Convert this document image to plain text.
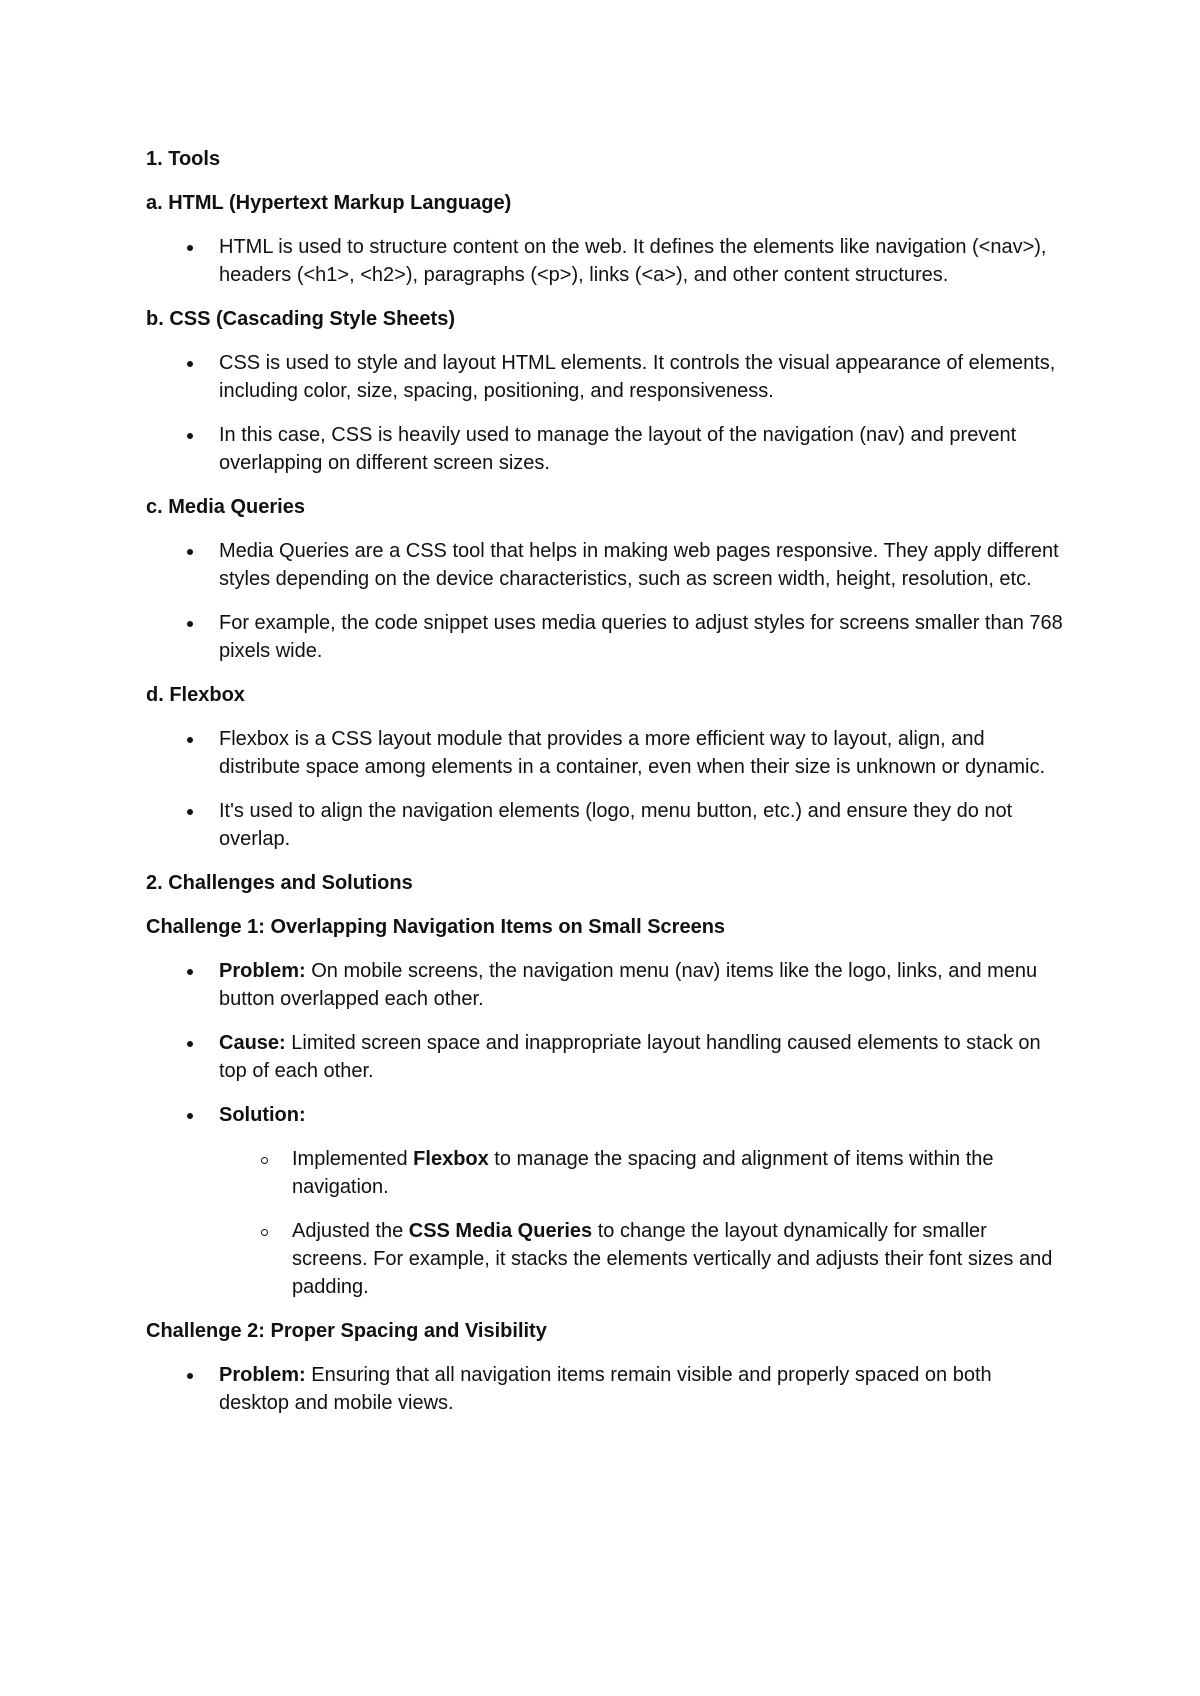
1. Tools
a. HTML (Hypertext Markup Language)
HTML is used to structure content on the web. It defines the elements like navigation (<nav>), headers (<h1>, <h2>), paragraphs (<p>), links (<a>), and other content structures.
b. CSS (Cascading Style Sheets)
CSS is used to style and layout HTML elements. It controls the visual appearance of elements, including color, size, spacing, positioning, and responsiveness.
In this case, CSS is heavily used to manage the layout of the navigation (nav) and prevent overlapping on different screen sizes.
c. Media Queries
Media Queries are a CSS tool that helps in making web pages responsive. They apply different styles depending on the device characteristics, such as screen width, height, resolution, etc.
For example, the code snippet uses media queries to adjust styles for screens smaller than 768 pixels wide.
d. Flexbox
Flexbox is a CSS layout module that provides a more efficient way to layout, align, and distribute space among elements in a container, even when their size is unknown or dynamic.
It's used to align the navigation elements (logo, menu button, etc.) and ensure they do not overlap.
2. Challenges and Solutions
Challenge 1: Overlapping Navigation Items on Small Screens
Problem: On mobile screens, the navigation menu (nav) items like the logo, links, and menu button overlapped each other.
Cause: Limited screen space and inappropriate layout handling caused elements to stack on top of each other.
Solution:
Implemented Flexbox to manage the spacing and alignment of items within the navigation.
Adjusted the CSS Media Queries to change the layout dynamically for smaller screens. For example, it stacks the elements vertically and adjusts their font sizes and padding.
Challenge 2: Proper Spacing and Visibility
Problem: Ensuring that all navigation items remain visible and properly spaced on both desktop and mobile views.
